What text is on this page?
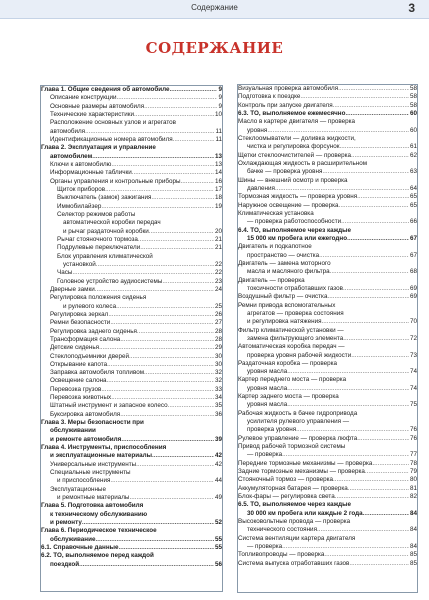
Содержание	3
СОДЕРЖАНИЕ
Глава 1. Общие сведения об автомобиле .....	9
Описание конструкции .....	9
Основные размеры автомобиля .....	9
Технические характеристики .....	10
Расположение основных узлов и агрегатов
автомобиля .....	11
Идентификационные номера автомобиля .....	11
Глава 2. Эксплуатация и управление
автомобилем .....	13
Ключи к автомобилю .....	13
Информационные таблички .....	14
Органы управления и контрольные приборы .....	16
Щиток приборов .....	17
Выключатель (замок) зажигания .....	18
Иммобилайзер .....	19
Селектор режимов работы
автоматической коробки передач
и рычаг раздаточной коробки .....	20
Рычаг стояночного тормоза .....	21
Подрулевые переключатели .....	21
Блок управления климатической
установкой .....	22
Часы .....	22
Головное устройство аудиосистемы .....	23
Дверные замки .....	24
Регулировка положения сиденья
и рулевого колеса .....	25
Регулировка зеркал .....	26
Ремни безопасности .....	27
Регулировка заднего сиденья .....	28
Трансформация салона .....	28
Детские сиденья .....	29
Стеклоподъемники дверей .....	30
Открывание капота .....	30
Заправка автомобиля топливом .....	32
Освещение салона .....	32
Перевозка грузов .....	33
Перевозка животных .....	34
Штатный инструмент и запасное колесо .....	35
Буксировка автомобиля .....	36
Глава 3. Меры безопасности при
обслуживании
и ремонте автомобиля .....	39
Глава 4. Инструменты, приспособления
и эксплуатационные материалы .....	42
Универсальные инструменты .....	42
Специальные инструменты
и приспособления .....	44
Эксплуатационные
и ремонтные материалы .....	49
Глава 5. Подготовка автомобиля
к техническому обслуживанию
и ремонту .....	52
Глава 6. Периодическое техническое
обслуживание .....	55
6.1. Справочные данные .....	55
6.2. ТО, выполняемое перед каждой
поездкой .....	56
Визуальная проверка автомобиля .....	58
Подготовка к поездке .....	58
Контроль при запуске двигателя .....	58
6.3. ТО, выполняемое ежемесячно .....	60
Масло в картере двигателя — проверка
уровня .....	60
Стеклоомыватели — доливка жидкости,
чистка и регулировка форсунок .....	61
Щетки стеклоочистителей — проверка .....	62
Охлаждающая жидкость в расширительном
бачке — проверка уровня .....	63
Шины — внешний осмотр и проверка
давления .....	64
Тормозная жидкость — проверка уровня .....	65
Наружное освещение — проверка .....	65
Климатическая установка
— проверка работоспособности .....	66
6.4. ТО, выполняемое через каждые
15 000 км пробега или ежегодно .....	67
Двигатель и подкапотное
пространство — очистка .....	67
Двигатель — замена моторного
масла и масляного фильтра .....	68
Двигатель — проверка
токсичности отработавших газов .....	69
Воздушный фильтр — очистка .....	69
Ремни привода вспомогательных
агрегатов — проверка состояния
и регулировка натяжения .....	70
Фильтр климатической установки —
замена фильтрующего элемента .....	72
Автоматическая коробка передач —
проверка уровня рабочей жидкости .....	73
Раздаточная коробка — проверка
уровня масла .....	74
Картер переднего моста — проверка
уровня масла .....	74
Картер заднего моста — проверка
уровня масла .....	75
Рабочая жидкость в бачке гидропривода
усилителя рулевого управления —
проверка уровня .....	76
Рулевое управление — проверка люфта .....	76
Привод рабочей тормозной системы
— проверка .....	77
Передние тормозные механизмы — проверка .....	78
Задние тормозные механизмы — проверка .....	79
Стояночный тормоз — проверка .....	80
Аккумуляторная батарея — проверка .....	81
Блок-фары — регулировка света .....	82
6.5. ТО, выполняемое через каждые
30 000 км пробега или каждые 2 года .....	84
Высоковольтные провода — проверка
технического состояния .....	84
Система вентиляции картера двигателя
— проверка .....	84
Топливопроводы — проверка .....	85
Система выпуска отработавших газов .....	85
